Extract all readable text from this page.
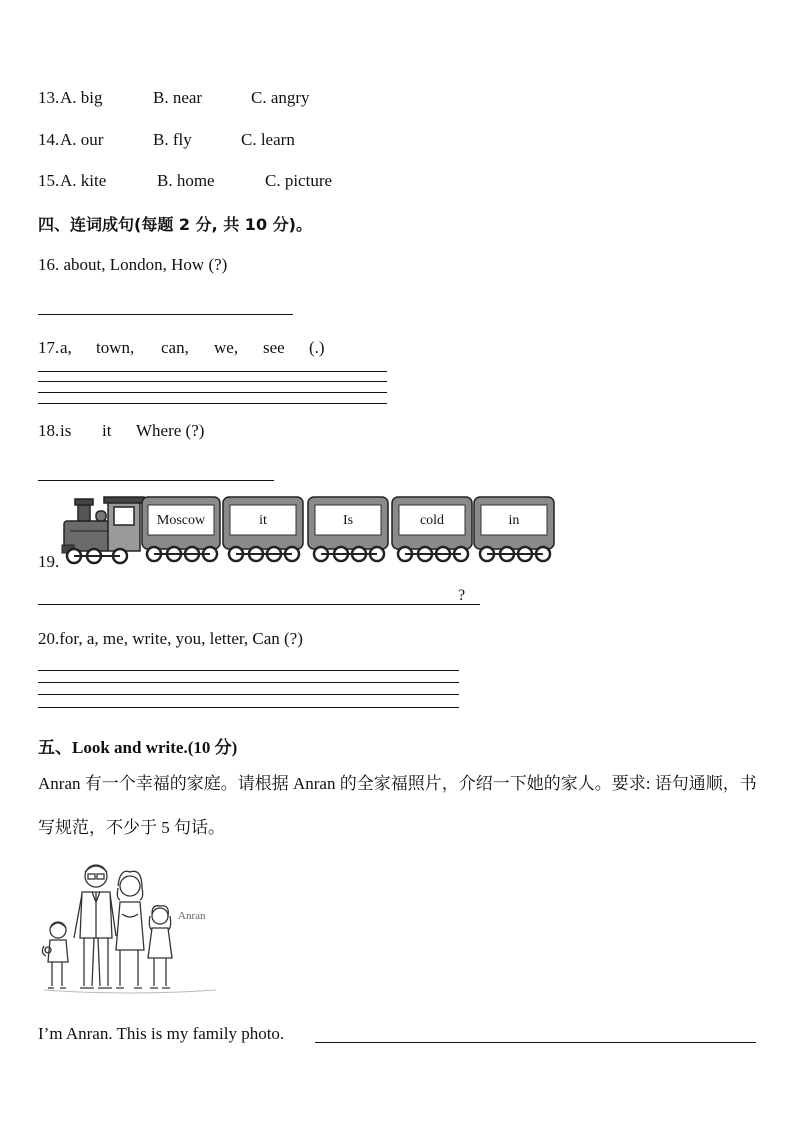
13. A. big	B. near	C. angry
14. A. our	B. fly	C. learn
15. A. kite	B. home	C. picture
四、连词成句(每题 2 分, 共 10 分)。
16. about, London, How (?)
17. a, town, can, we, see (.)
18. is it Where (?)
19.
Moscow	it	Is	cold	in
?
20.for, a, me, write, you, letter, Can (?)
五、Look and write.(10 分)
Anran 有一个幸福的家庭。请根据 Anran 的全家福照片，介绍一下她的家人。要求: 语句通顺，书写规范，不少于 5 句话。
Anran
I’m Anran. This is my family photo.
